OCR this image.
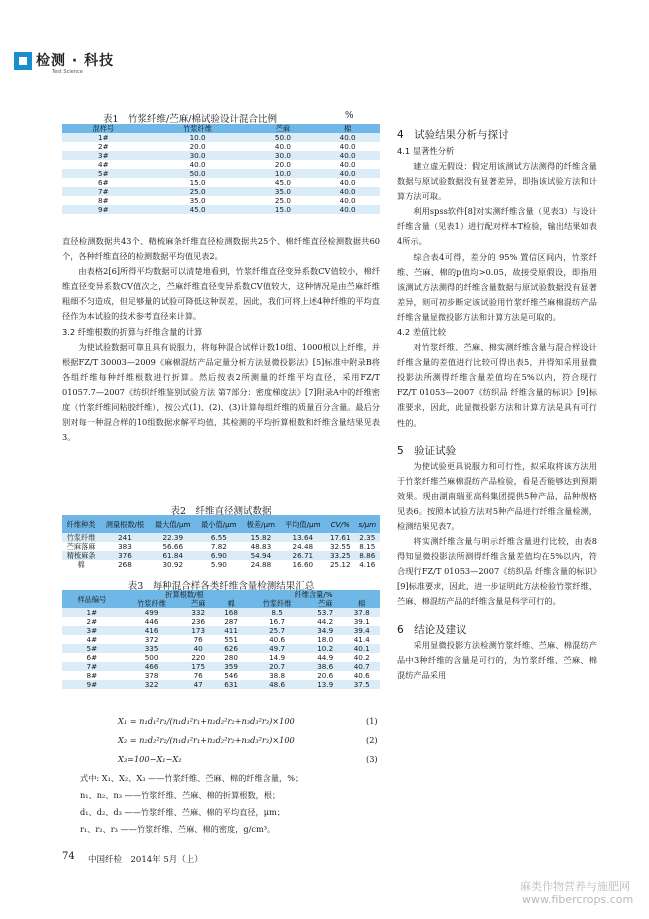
检测 · 科技
Test Science
表1　竹浆纤维/苎麻/棉试验设计混合比例	%
混样号	竹浆纤维	苎麻	棉
1#	10.0	50.0	40.0
2#	20.0	40.0	40.0
3#	30.0	30.0	40.0
4#	40.0	20.0	40.0
5#	50.0	10.0	40.0
6#	15.0	45.0	40.0
7#	25.0	35.0	40.0
8#	35.0	25.0	40.0
9#	45.0	15.0	40.0

直径检测数据共43个、精梳麻条纤维直径检测数据共25个、棉纤维直径检测数据共60个，各种纤维直径的检测数据平均值见表2。

由表格2[6]所得平均数据可以清楚地看到，竹浆纤维直径变异系数CV值较小，棉纤维直径变异系数CV值次之，苎麻纤维直径变异系数CV值较大，这种情况是由苎麻纤维粗细不匀造成，但足够量的试验可降低这种误差，因此，我们可将上述4种纤维的平均直径作为本试验的技术参考直径来计算。

3.2 纤维根数的折算与纤维含量的计算

为使试验数据可靠且具有说服力，将每种混合试样计数10组、1000根以上纤维，并根据FZ/T 30003—2009《麻棉混纺产品定量分析方法显微投影法》[5]标准中附录B将各组纤维每种纤维根数进行折算。然后按表2所测量的纤维平均直径，采用FZ/T 01057.7—2007《纺织纤维鉴别试验方法 第7部分：密度梯度法》[7]附录A中的纤维密度（竹浆纤维同粘胶纤维），按公式(1)、(2)、(3)计算每组纤维的质量百分含量。最后分别对每一种混合样的10组数据求解平均值，其检测的平均折算根数和纤维含量结果见表3。

表2　纤维直径测试数据
纤维种类	测量根数/根	最大值/μm	最小值/μm	极差/μm	平均值/μm	CV/%	s/μm
竹浆纤维	241	22.39	6.55	15.82	13.64	17.61	2.35
苎麻落麻	383	56.66	7.82	48.83	24.48	32.55	8.15
精梳麻条	376	61.84	6.90	54.94	26.71	33.25	8.86
棉	268	30.92	5.90	24.88	16.60	25.12	4.16
表3　每种混合样各类纤维含量检测结果汇总
样品编号	折算根数/根			纤维含量/%		
	竹浆纤维	苎麻	棉	竹浆纤维	苎麻	棉
1#	499	332	168	8.5	53.7	37.8
2#	446	236	287	16.7	44.2	39.1
3#	416	173	411	25.7	34.9	39.4
4#	372	76	551	40.6	18.0	41.4
5#	335	40	626	49.7	10.2	40.1
6#	500	220	280	14.9	44.9	40.2
7#	466	175	359	20.7	38.6	40.7
8#	378	76	546	38.8	20.6	40.6
9#	322	47	631	48.6	13.9	37.5
X₁ = n₁d₁²r₁/(n₁d₁²r₁+n₂d₂²r₂+n₃d₃²r₃)×100	(1)
X₂ = n₂d₂²r₂/(n₁d₁²r₁+n₂d₂²r₂+n₃d₃²r₃)×100	(2)
X₃=100−X₁−X₂	(3)
式中: X₁、X₂、X₃ ——竹浆纤维、苎麻、棉的纤维含量，%；
n₁、n₂、n₃ ——竹浆纤维、苎麻、棉的折算根数，根；
d₁、d₂、d₃ ——竹浆纤维、苎麻、棉的平均直径，μm；
r₁、r₂、r₃ ——竹浆纤维、苎麻、棉的密度，g/cm³。
4　试验结果分析与探讨
4.1 显著性分析

建立虚无假设：假定用该测试方法测得的纤维含量数据与原试验数据没有显著差异，即指该试验方法和计算方法可取。

利用spss软件[8]对实测纤维含量（见表3）与设计纤维含量（见表1）进行配对样本T检验，输出结果如表4所示。

综合表4可得，差分的 95% 置信区间内，竹浆纤维、苎麻、棉的p值均>0.05，故接受原假设，即指用该测试方法测得的纤维含量数据与原试验数据没有显著差异，则可初步断定该试验用竹浆纤维苎麻棉混纺产品纤维含量显微投影方法和计算方法是可取的。

4.2 差值比较

对竹浆纤维、苎麻、棉实测纤维含量与混合样设计纤维含量的差值进行比较可得出表5，并得知采用显微投影法所测得纤维含量差值均在5%以内，符合现行FZ/T 01053—2007《纺织品 纤维含量的标识》[9]标准要求，因此，此显微投影方法和计算方法是具有可行性的。

5　验证试验

为使试验更具说服力和可行性，拟采取将该方法用于竹浆纤维苎麻棉混纺产品检验，看是否能够达到预期效果。现由湖南瑞亚高科集团提供5种产品，品种规格见表6。按照本试验方法对5种产品进行纤维含量检测，检测结果见表7。

将实测纤维含量与明示纤维含量进行比较，由表8得知显微投影法所测得纤维含量差值均在5%以内，符合现行FZ/T 01053—2007《纺织品 纤维含量的标识》[9]标准要求，因此，进一步证明此方法检验竹浆纤维、苎麻、棉混纺产品的纤维含量是科学可行的。

6　结论及建议

采用显微投影方法检测竹浆纤维、苎麻、棉混纺产品中3种纤维的含量是可行的，为竹浆纤维、苎麻、棉混纺产品采用

74 中国纤检　2014年 5月（上）
麻类作物营养与施肥网
www.fibercrops.com
